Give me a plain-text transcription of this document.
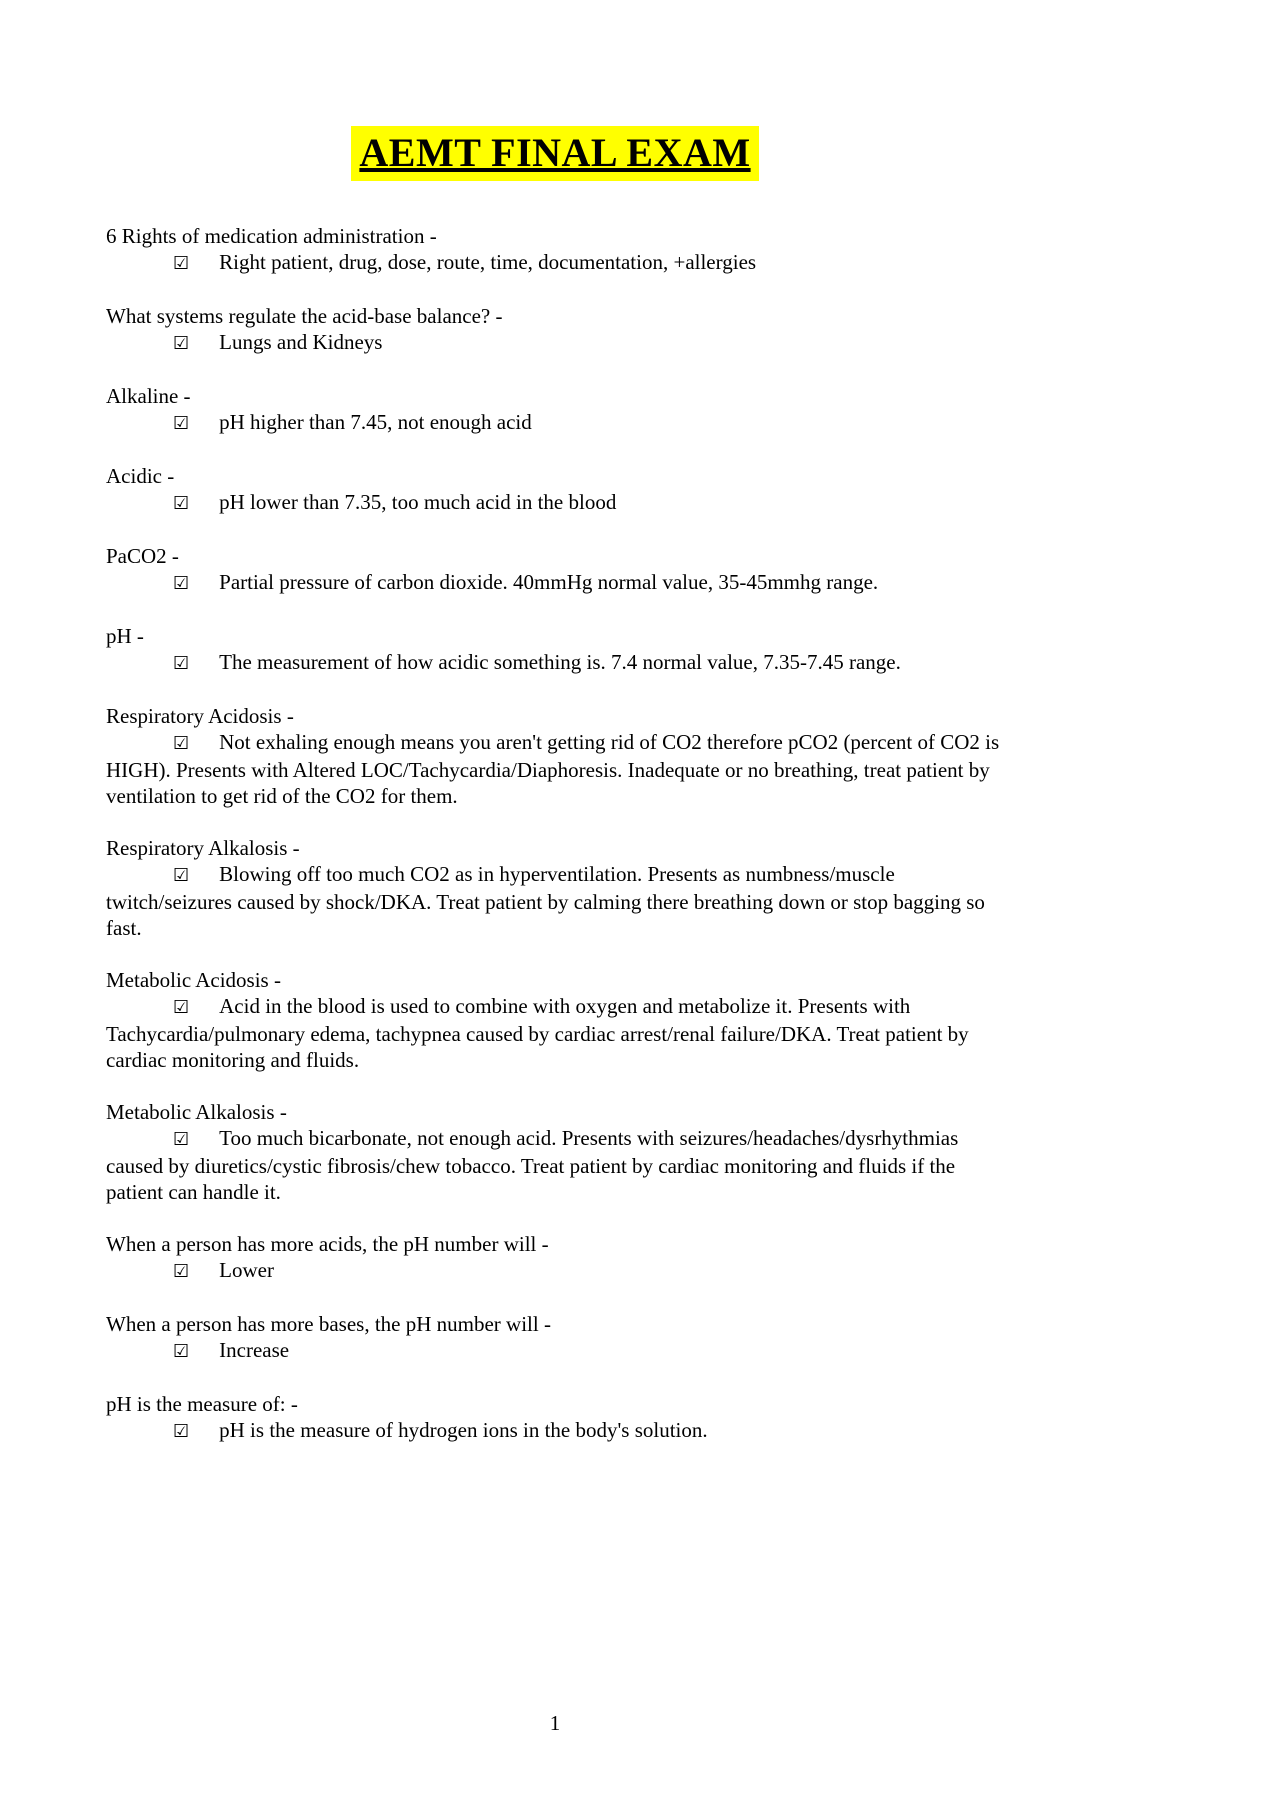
AEMT FINAL EXAM
6 Rights of medication administration -
☑ Right patient, drug, dose, route, time, documentation, +allergies
What systems regulate the acid-base balance? -
☑ Lungs and Kidneys
Alkaline -
☑ pH higher than 7.45, not enough acid
Acidic -
☑ pH lower than 7.35, too much acid in the blood
PaCO2 -
☑ Partial pressure of carbon dioxide. 40mmHg normal value, 35-45mmhg range.
pH -
☑ The measurement of how acidic something is. 7.4 normal value, 7.35-7.45 range.
Respiratory Acidosis -
☑ Not exhaling enough means you aren't getting rid of CO2 therefore pCO2 (percent of CO2 is HIGH). Presents with Altered LOC/Tachycardia/Diaphoresis. Inadequate or no breathing, treat patient by ventilation to get rid of the CO2 for them.
Respiratory Alkalosis -
☑ Blowing off too much CO2 as in hyperventilation. Presents as numbness/muscle twitch/seizures caused by shock/DKA. Treat patient by calming there breathing down or stop bagging so fast.
Metabolic Acidosis -
☑ Acid in the blood is used to combine with oxygen and metabolize it. Presents with Tachycardia/pulmonary edema, tachypnea caused by cardiac arrest/renal failure/DKA. Treat patient by cardiac monitoring and fluids.
Metabolic Alkalosis -
☑ Too much bicarbonate, not enough acid. Presents with seizures/headaches/dysrhythmias caused by diuretics/cystic fibrosis/chew tobacco. Treat patient by cardiac monitoring and fluids if the patient can handle it.
When a person has more acids, the pH number will -
☑ Lower
When a person has more bases, the pH number will -
☑ Increase
pH is the measure of: -
☑ pH is the measure of hydrogen ions in the body's solution.
1
